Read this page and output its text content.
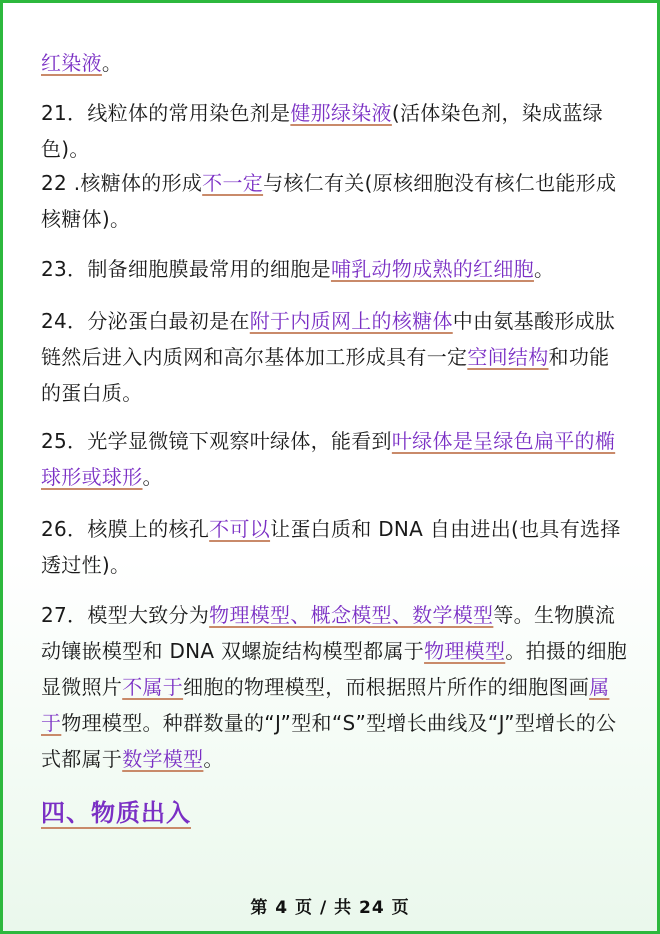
红染液。
21．线粒体的常用染色剂是健那绿染液(活体染色剂，染成蓝绿色)。
22 .核糖体的形成不一定与核仁有关(原核细胞没有核仁也能形成核糖体)。
23．制备细胞膜最常用的细胞是哺乳动物成熟的红细胞。
24．分泌蛋白最初是在附于内质网上的核糖体中由氨基酸形成肽链然后进入内质网和高尔基体加工形成具有一定空间结构和功能的蛋白质。
25．光学显微镜下观察叶绿体，能看到叶绿体是呈绿色扁平的椭球形或球形。
26．核膜上的核孔不可以让蛋白质和 DNA 自由进出(也具有选择透过性)。
27．模型大致分为物理模型、概念模型、数学模型等。生物膜流动镶嵌模型和 DNA 双螺旋结构模型都属于物理模型。拍摄的细胞显微照片不属于细胞的物理模型，而根据照片所作的细胞图画属于物理模型。种群数量的“J”型和“S”型增长曲线及“J”型增长的公式都属于数学模型。
四、物质出入
第 4 页 / 共 24 页
